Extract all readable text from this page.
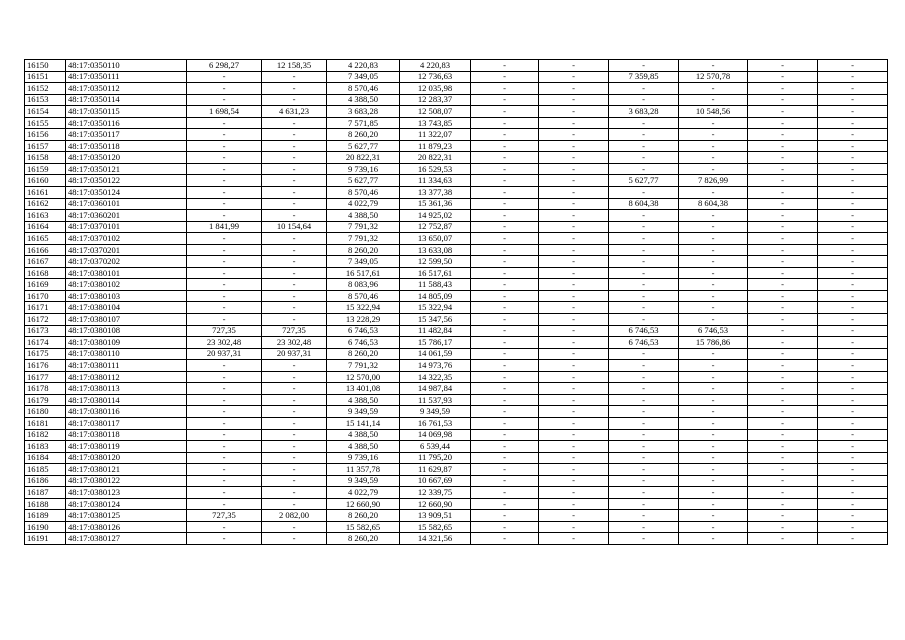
16150	48:17:0350110	6 298,27	12 158,35	4 220,83	4 220,83	-	-	-	-	-	-
16151	48:17:0350111	-	-	7 349,05	12 736,63	-	-	7 359,85	12 570,78	-	-
16152	48:17:0350112	-	-	8 570,46	12 035,98	-	-	-	-	-	-
16153	48:17:0350114	-	-	4 388,50	12 283,37	-	-	-	-	-	-
16154	48:17:0350115	1 698,54	4 631,23	3 683,28	12 508,07	-	-	3 683,28	10 548,56	-	-
16155	48:17:0350116	-	-	7 571,85	13 743,85	-	-	-	-	-	-
16156	48:17:0350117	-	-	8 260,20	11 322,07	-	-	-	-	-	-
16157	48:17:0350118	-	-	5 627,77	11 879,23	-	-	-	-	-	-
16158	48:17:0350120	-	-	20 822,31	20 822,31	-	-	-	-	-	-
16159	48:17:0350121	-	-	9 739,16	16 529,53	-	-	-	-	-	-
16160	48:17:0350122	-	-	5 627,77	11 334,63	-	-	5 627,77	7 826,99	-	-
16161	48:17:0350124	-	-	8 570,46	13 377,38	-	-	-	-	-	-
16162	48:17:0360101	-	-	4 022,79	15 361,36	-	-	8 604,38	8 604,38	-	-
16163	48:17:0360201	-	-	4 388,50	14 925,02	-	-	-	-	-	-
16164	48:17:0370101	1 841,99	10 154,64	7 791,32	12 752,87	-	-	-	-	-	-
16165	48:17:0370102	-	-	7 791,32	13 650,07	-	-	-	-	-	-
16166	48:17:0370201	-	-	8 260,20	13 633,08	-	-	-	-	-	-
16167	48:17:0370202	-	-	7 349,05	12 599,50	-	-	-	-	-	-
16168	48:17:0380101	-	-	16 517,61	16 517,61	-	-	-	-	-	-
16169	48:17:0380102	-	-	8 083,96	11 588,43	-	-	-	-	-	-
16170	48:17:0380103	-	-	8 570,46	14 805,09	-	-	-	-	-	-
16171	48:17:0380104	-	-	15 322,94	15 322,94	-	-	-	-	-	-
16172	48:17:0380107	-	-	13 228,29	15 347,56	-	-	-	-	-	-
16173	48:17:0380108	727,35	727,35	6 746,53	11 482,84	-	-	6 746,53	6 746,53	-	-
16174	48:17:0380109	23 302,48	23 302,48	6 746,53	15 786,17	-	-	6 746,53	15 786,86	-	-
16175	48:17:0380110	20 937,31	20 937,31	8 260,20	14 061,59	-	-	-	-	-	-
16176	48:17:0380111	-	-	7 791,32	14 973,76	-	-	-	-	-	-
16177	48:17:0380112	-	-	12 570,00	14 322,35	-	-	-	-	-	-
16178	48:17:0380113	-	-	13 401,08	14 987,84	-	-	-	-	-	-
16179	48:17:0380114	-	-	4 388,50	11 537,93	-	-	-	-	-	-
16180	48:17:0380116	-	-	9 349,59	9 349,59	-	-	-	-	-	-
16181	48:17:0380117	-	-	15 141,14	16 761,53	-	-	-	-	-	-
16182	48:17:0380118	-	-	4 388,50	14 069,98	-	-	-	-	-	-
16183	48:17:0380119	-	-	4 388,50	6 539,44	-	-	-	-	-	-
16184	48:17:0380120	-	-	9 739,16	11 795,20	-	-	-	-	-	-
16185	48:17:0380121	-	-	11 357,78	11 629,87	-	-	-	-	-	-
16186	48:17:0380122	-	-	9 349,59	10 667,69	-	-	-	-	-	-
16187	48:17:0380123	-	-	4 022,79	12 339,75	-	-	-	-	-	-
16188	48:17:0380124	-	-	12 660,90	12 660,90	-	-	-	-	-	-
16189	48:17:0380125	727,35	2 082,00	8 260,20	13 909,51	-	-	-	-	-	-
16190	48:17:0380126	-	-	15 582,65	15 582,65	-	-	-	-	-	-
16191	48:17:0380127	-	-	8 260,20	14 321,56	-	-	-	-	-	-
